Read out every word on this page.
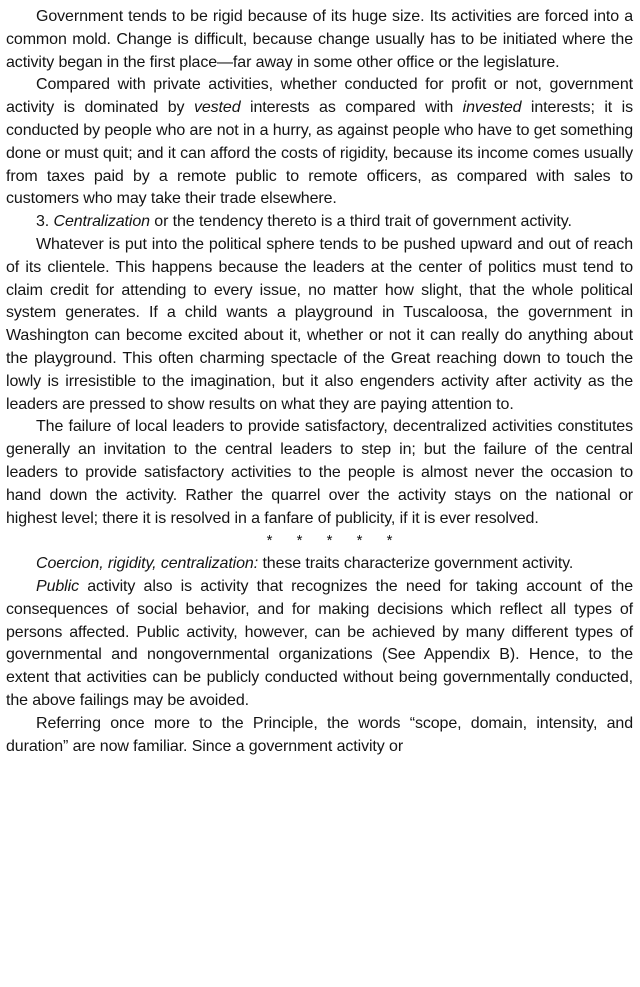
Government tends to be rigid because of its huge size. Its activities are forced into a common mold. Change is difficult, because change usually has to be initiated where the activity began in the first place—far away in some other office or the legislature.

Compared with private activities, whether conducted for profit or not, government activity is dominated by vested interests as compared with invested interests; it is conducted by people who are not in a hurry, as against people who have to get something done or must quit; and it can afford the costs of rigidity, because its income comes usually from taxes paid by a remote public to remote officers, as compared with sales to customers who may take their trade elsewhere.

3. Centralization or the tendency thereto is a third trait of government activity.

Whatever is put into the political sphere tends to be pushed upward and out of reach of its clientele. This happens because the leaders at the center of politics must tend to claim credit for attending to every issue, no matter how slight, that the whole political system generates. If a child wants a playground in Tuscaloosa, the government in Washington can become excited about it, whether or not it can really do anything about the playground. This often charming spectacle of the Great reaching down to touch the lowly is irresistible to the imagination, but it also engenders activity after activity as the leaders are pressed to show results on what they are paying attention to.

The failure of local leaders to provide satisfactory, decentralized activities constitutes generally an invitation to the central leaders to step in; but the failure of the central leaders to provide satisfactory activities to the people is almost never the occasion to hand down the activity. Rather the quarrel over the activity stays on the national or highest level; there it is resolved in a fanfare of publicity, if it is ever resolved.

* * * * *

Coercion, rigidity, centralization: these traits characterize government activity.

Public activity also is activity that recognizes the need for taking account of the consequences of social behavior, and for making decisions which reflect all types of persons affected. Public activity, however, can be achieved by many different types of governmental and nongovernmental organizations (See Appendix B). Hence, to the extent that activities can be publicly conducted without being governmentally conducted, the above failings may be avoided.

Referring once more to the Principle, the words “scope, domain, intensity, and duration” are now familiar. Since a government activity or
